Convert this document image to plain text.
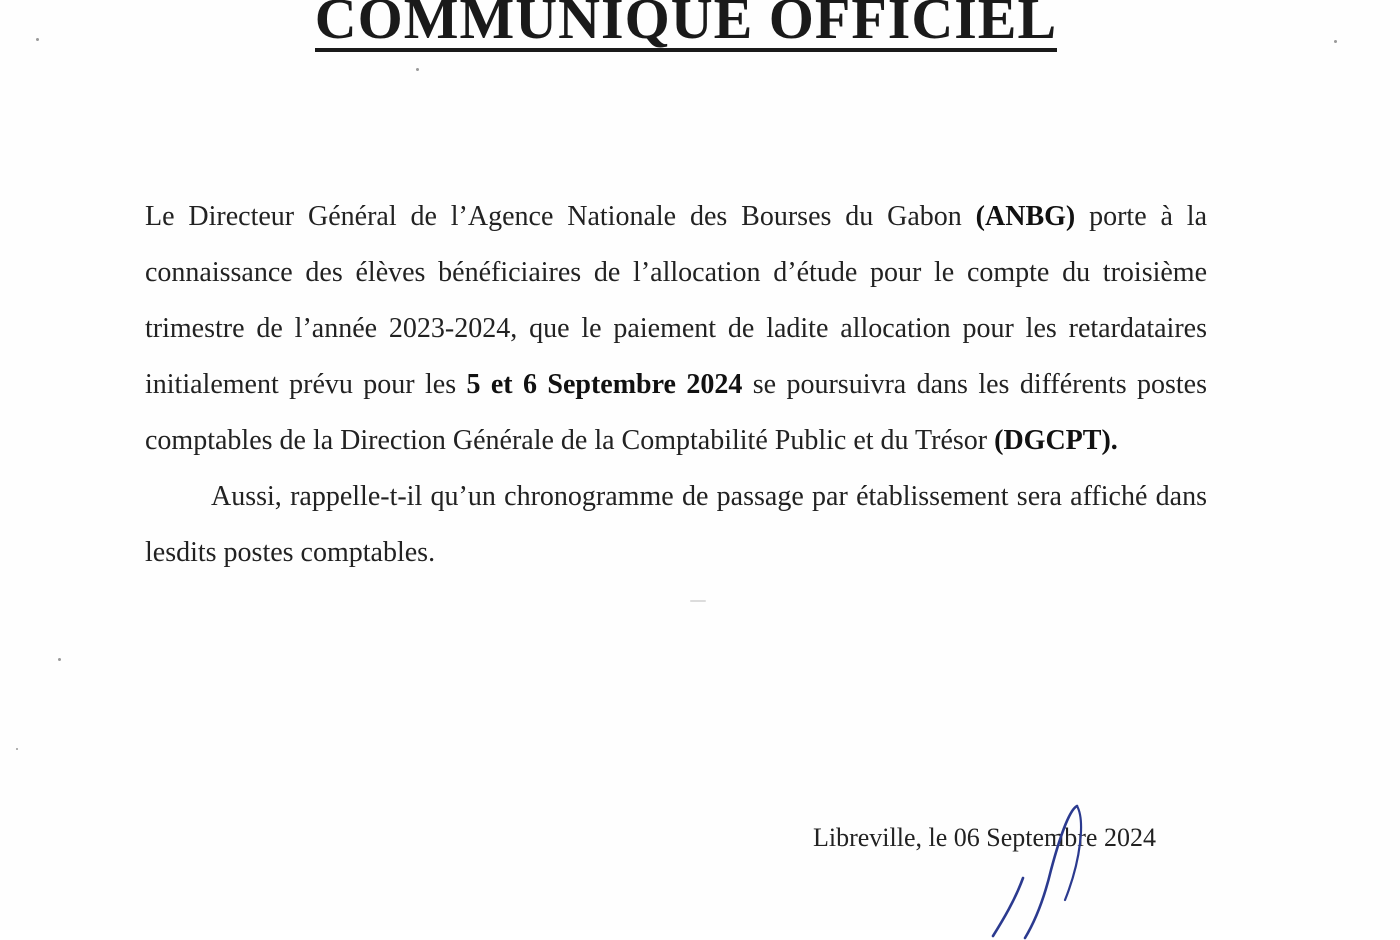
COMMUNIQUE OFFICIEL

Le Directeur Général de l’Agence Nationale des Bourses du Gabon (ANBG) porte à la connaissance des élèves bénéficiaires de l’allocation d’étude pour le compte du troisième trimestre de l’année 2023-2024, que le paiement de ladite allocation pour les retardataires initialement prévu pour les 5 et 6 Septembre 2024 se poursuivra dans les différents postes comptables de la Direction Générale de la Comptabilité Public et du Trésor (DGCPT).

Aussi, rappelle-t-il qu’un chronogramme de passage par établissement sera affiché dans lesdits postes comptables.

Libreville, le 06 Septembre 2024
